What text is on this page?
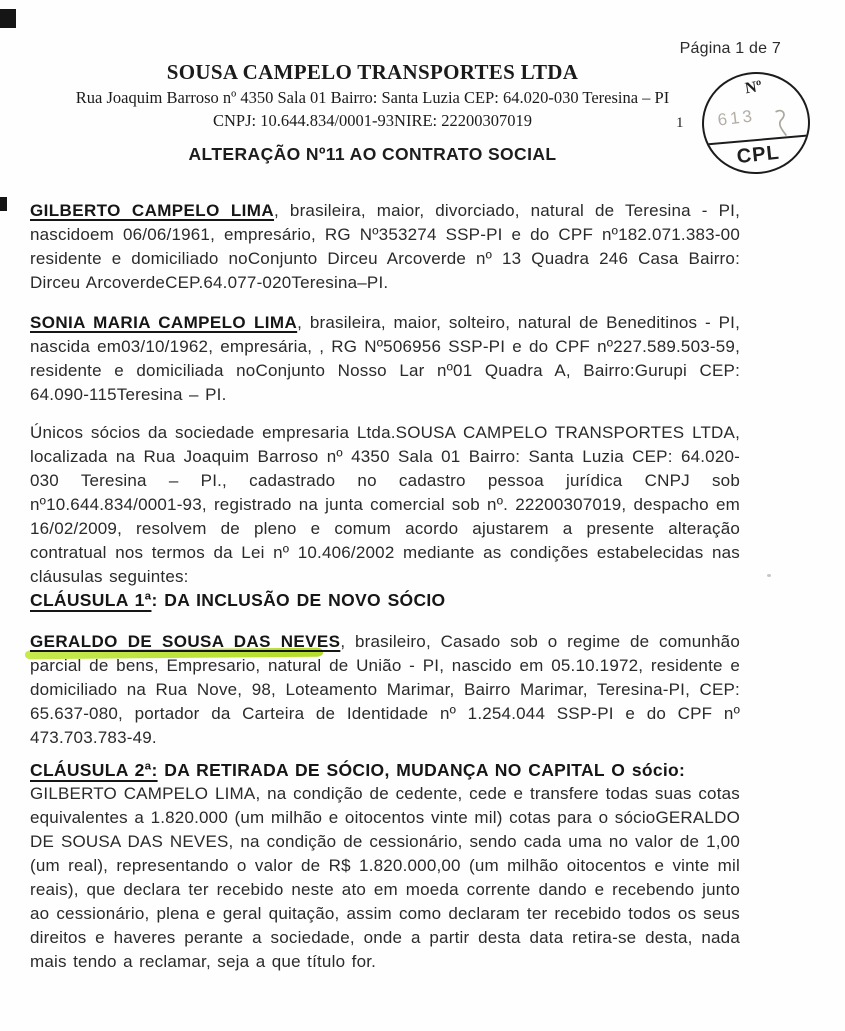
Página 1 de 7
SOUSA CAMPELO TRANSPORTES LTDA
Rua Joaquim Barroso nº 4350 Sala 01 Bairro: Santa Luzia CEP: 64.020-030 Teresina – PI
CNPJ: 10.644.834/0001-93NIRE: 22200307019
ALTERAÇÃO Nº11 AO CONTRATO SOCIAL
1
Nº
613
CPL
GILBERTO CAMPELO LIMA, brasileira, maior, divorciado, natural de Teresina - PI, nascidoem 06/06/1961, empresário, RG Nº353274 SSP-PI e do CPF nº182.071.383-00 residente e domiciliado noConjunto Dirceu Arcoverde nº 13 Quadra 246 Casa Bairro: Dirceu ArcoverdeCEP.64.077-020Teresina–PI.
SONIA MARIA CAMPELO LIMA, brasileira, maior, solteiro, natural de Beneditinos - PI, nascida em03/10/1962, empresária, , RG Nº506956 SSP-PI e do CPF nº227.589.503-59, residente e domiciliada noConjunto Nosso Lar nº01 Quadra A, Bairro:Gurupi CEP: 64.090-115Teresina – PI.
Únicos sócios da sociedade empresaria Ltda.SOUSA CAMPELO TRANSPORTES LTDA, localizada na Rua Joaquim Barroso nº 4350 Sala 01 Bairro: Santa Luzia CEP: 64.020-030 Teresina – PI., cadastrado no cadastro pessoa jurídica CNPJ sob nº10.644.834/0001-93, registrado na junta comercial sob nº. 22200307019, despacho em 16/02/2009, resolvem de pleno e comum acordo ajustarem a presente alteração contratual nos termos da Lei nº 10.406/2002 mediante as condições estabelecidas nas cláusulas seguintes:
CLÁUSULA 1ª: DA INCLUSÃO DE NOVO SÓCIO
GERALDO DE SOUSA DAS NEVES, brasileiro, Casado sob o regime de comunhão parcial de bens, Empresario, natural de União - PI, nascido em 05.10.1972, residente e domiciliado na Rua Nove, 98, Loteamento Marimar, Bairro Marimar, Teresina-PI, CEP: 65.637-080, portador da Carteira de Identidade nº 1.254.044 SSP-PI e do CPF nº 473.703.783-49.
CLÁUSULA 2ª: DA RETIRADA DE SÓCIO, MUDANÇA NO CAPITAL O sócio:
GILBERTO CAMPELO LIMA, na condição de cedente, cede e transfere todas suas cotas equivalentes a 1.820.000 (um milhão e oitocentos vinte mil) cotas para o sócioGERALDO DE SOUSA DAS NEVES, na condição de cessionário, sendo cada uma no valor de 1,00 (um real), representando o valor de R$ 1.820.000,00 (um milhão oitocentos e vinte mil reais), que declara ter recebido neste ato em moeda corrente dando e recebendo junto ao cessionário, plena e geral quitação, assim como declaram ter recebido todos os seus direitos e haveres perante a sociedade, onde a partir desta data retira-se desta, nada mais tendo a reclamar, seja a que título for.
